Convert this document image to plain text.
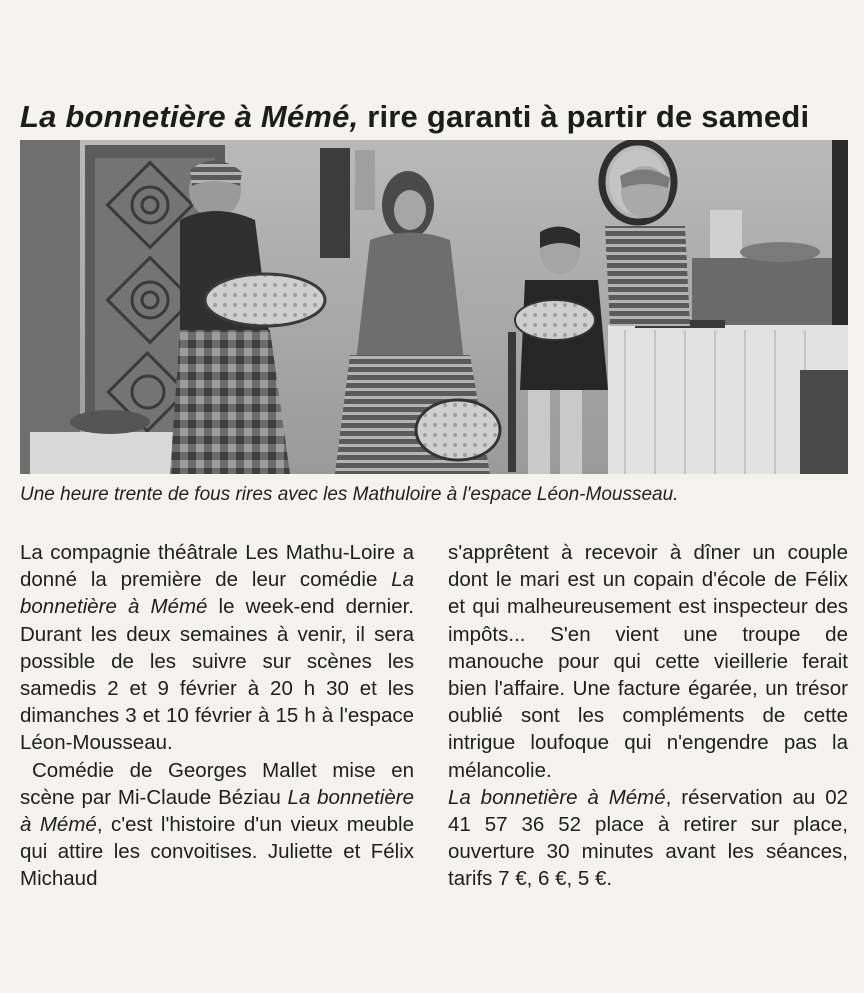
La bonnetière à Mémé, rire garanti à partir de samedi
Une heure trente de fous rires avec les Mathuloire à l'espace Léon-Mousseau.

La compagnie théâtrale Les Mathu-Loire a donné la première de leur comédie La bonnetière à Mémé le week-end dernier. Durant les deux semaines à venir, il sera possible de les suivre sur scènes les samedis 2 et 9 février à 20 h 30 et les dimanches 3 et 10 février à 15 h à l'espace Léon-Mousseau.

Comédie de Georges Mallet mise en scène par Mi-Claude Béziau La bonnetière à Mémé, c'est l'histoire d'un vieux meuble qui attire les convoitises. Juliette et Félix Michaud

s'apprêtent à recevoir à dîner un couple dont le mari est un copain d'école de Félix et qui malheureusement est inspecteur des impôts... S'en vient une troupe de manouche pour qui cette vieillerie ferait bien l'affaire. Une facture égarée, un trésor oublié sont les compléments de cette intrigue loufoque qui n'engendre pas la mélancolie.

La bonnetière à Mémé, réservation au 02 41 57 36 52 place à retirer sur place, ouverture 30 minutes avant les séances, tarifs 7 €, 6 €, 5 €.
